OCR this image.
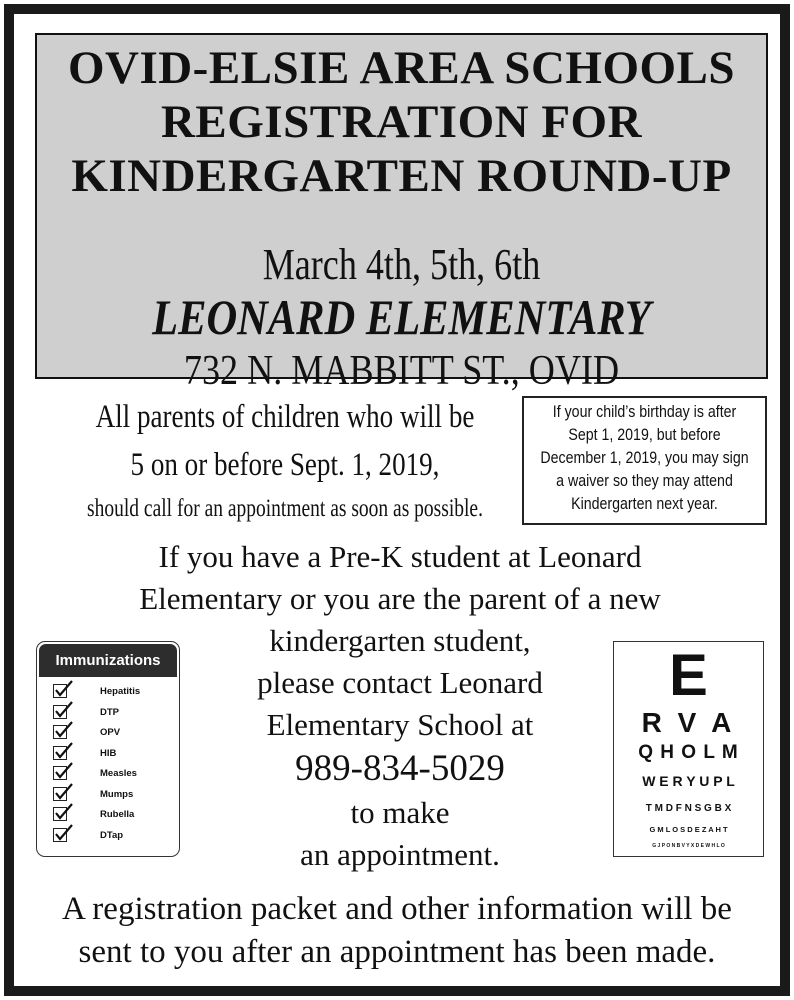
OVID-ELSIE AREA SCHOOLS
REGISTRATION FOR
KINDERGARTEN ROUND-UP
March 4th, 5th, 6th
LEONARD ELEMENTARY
732 N. MABBITT ST., OVID
All parents of children who will be
5 on or before Sept. 1, 2019,
should call for an appointment as soon as possible.
If your child’s birthday is after
Sept 1, 2019, but before
December 1, 2019, you may sign
a waiver so they may attend
Kindergarten next year.
If you have a Pre-K student at Leonard
Elementary or you are the parent of a new
kindergarten student,
please contact Leonard
Elementary School at
989-834-5029
to make
an appointment.
Immunizations
Hepatitis
DTP
OPV
HIB
Measles
Mumps
Rubella
DTap
E
R V A
Q H O L M
W E R Y U P L
T M D F N S G B X
G M L O S D E Z A H T
G J P O N B V Y X D E W H L O
A registration packet and other information will be
sent to you after an appointment has been made.
